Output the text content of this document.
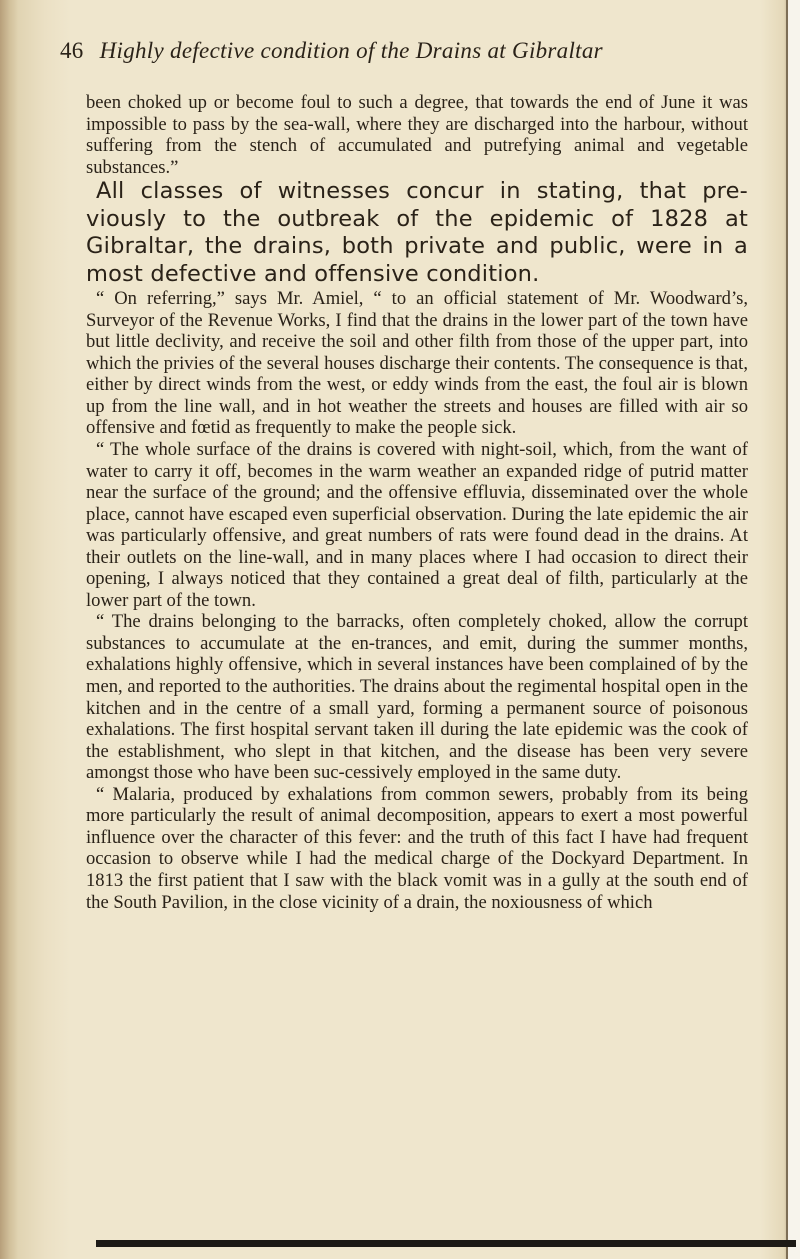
46 Highly defective condition of the Drains at Gibraltar

been choked up or become foul to such a degree, that towards the end of June it was impossible to pass by the sea-wall, where they are discharged into the harbour, without suffering from the stench of accumulated and putrefying animal and vegetable substances.”

All classes of witnesses concur in stating, that pre-viously to the outbreak of the epidemic of 1828 at Gibraltar, the drains, both private and public, were in a most defective and offensive condition.

“ On referring,” says Mr. Amiel, “ to an official statement of Mr. Woodward’s, Surveyor of the Revenue Works, I find that the drains in the lower part of the town have but little declivity, and receive the soil and other filth from those of the upper part, into which the privies of the several houses discharge their contents. The consequence is that, either by direct winds from the west, or eddy winds from the east, the foul air is blown up from the line wall, and in hot weather the streets and houses are filled with air so offensive and fœtid as frequently to make the people sick.

“ The whole surface of the drains is covered with night-soil, which, from the want of water to carry it off, becomes in the warm weather an expanded ridge of putrid matter near the surface of the ground; and the offensive effluvia, disseminated over the whole place, cannot have escaped even superficial observation. During the late epidemic the air was particularly offensive, and great numbers of rats were found dead in the drains. At their outlets on the line-wall, and in many places where I had occasion to direct their opening, I always noticed that they contained a great deal of filth, particularly at the lower part of the town.

“ The drains belonging to the barracks, often completely choked, allow the corrupt substances to accumulate at the en-trances, and emit, during the summer months, exhalations highly offensive, which in several instances have been complained of by the men, and reported to the authorities. The drains about the regimental hospital open in the kitchen and in the centre of a small yard, forming a permanent source of poisonous exhalations. The first hospital servant taken ill during the late epidemic was the cook of the establishment, who slept in that kitchen, and the disease has been very severe amongst those who have been suc-cessively employed in the same duty.

“ Malaria, produced by exhalations from common sewers, probably from its being more particularly the result of animal decomposition, appears to exert a most powerful influence over the character of this fever: and the truth of this fact I have had frequent occasion to observe while I had the medical charge of the Dockyard Department. In 1813 the first patient that I saw with the black vomit was in a gully at the south end of the South Pavilion, in the close vicinity of a drain, the noxiousness of which
